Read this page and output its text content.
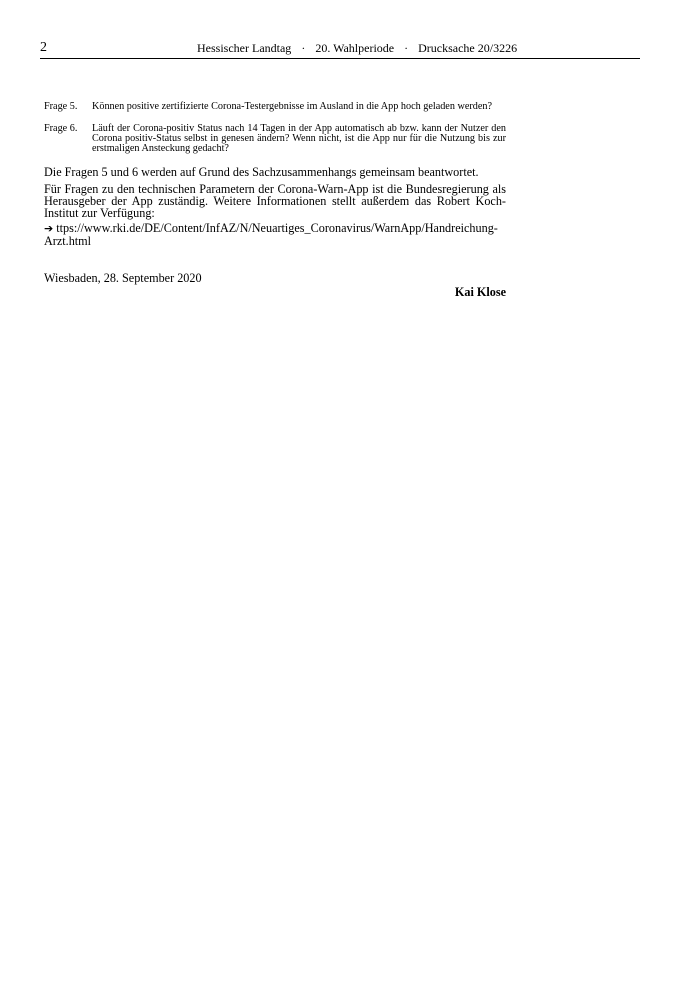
2	Hessischer Landtag · 20. Wahlperiode · Drucksache 20/3226
Frage 5. Können positive zertifizierte Corona-Testergebnisse im Ausland in die App hoch geladen werden?
Frage 6. Läuft der Corona-positiv Status nach 14 Tagen in der App automatisch ab bzw. kann der Nutzer den Corona positiv-Status selbst in genesen ändern? Wenn nicht, ist die App nur für die Nutzung bis zur erstmaligen Ansteckung gedacht?
Die Fragen 5 und 6 werden auf Grund des Sachzusammenhangs gemeinsam beantwortet.
Für Fragen zu den technischen Parametern der Corona-Warn-App ist die Bundesregierung als Herausgeber der App zuständig. Weitere Informationen stellt außerdem das Robert Koch-Institut zur Verfügung:
➔ ttps://www.rki.de/DE/Content/InfAZ/N/Neuartiges_Coronavirus/WarnApp/Handreichung-
Arzt.html
Wiesbaden, 28. September 2020
Kai Klose
